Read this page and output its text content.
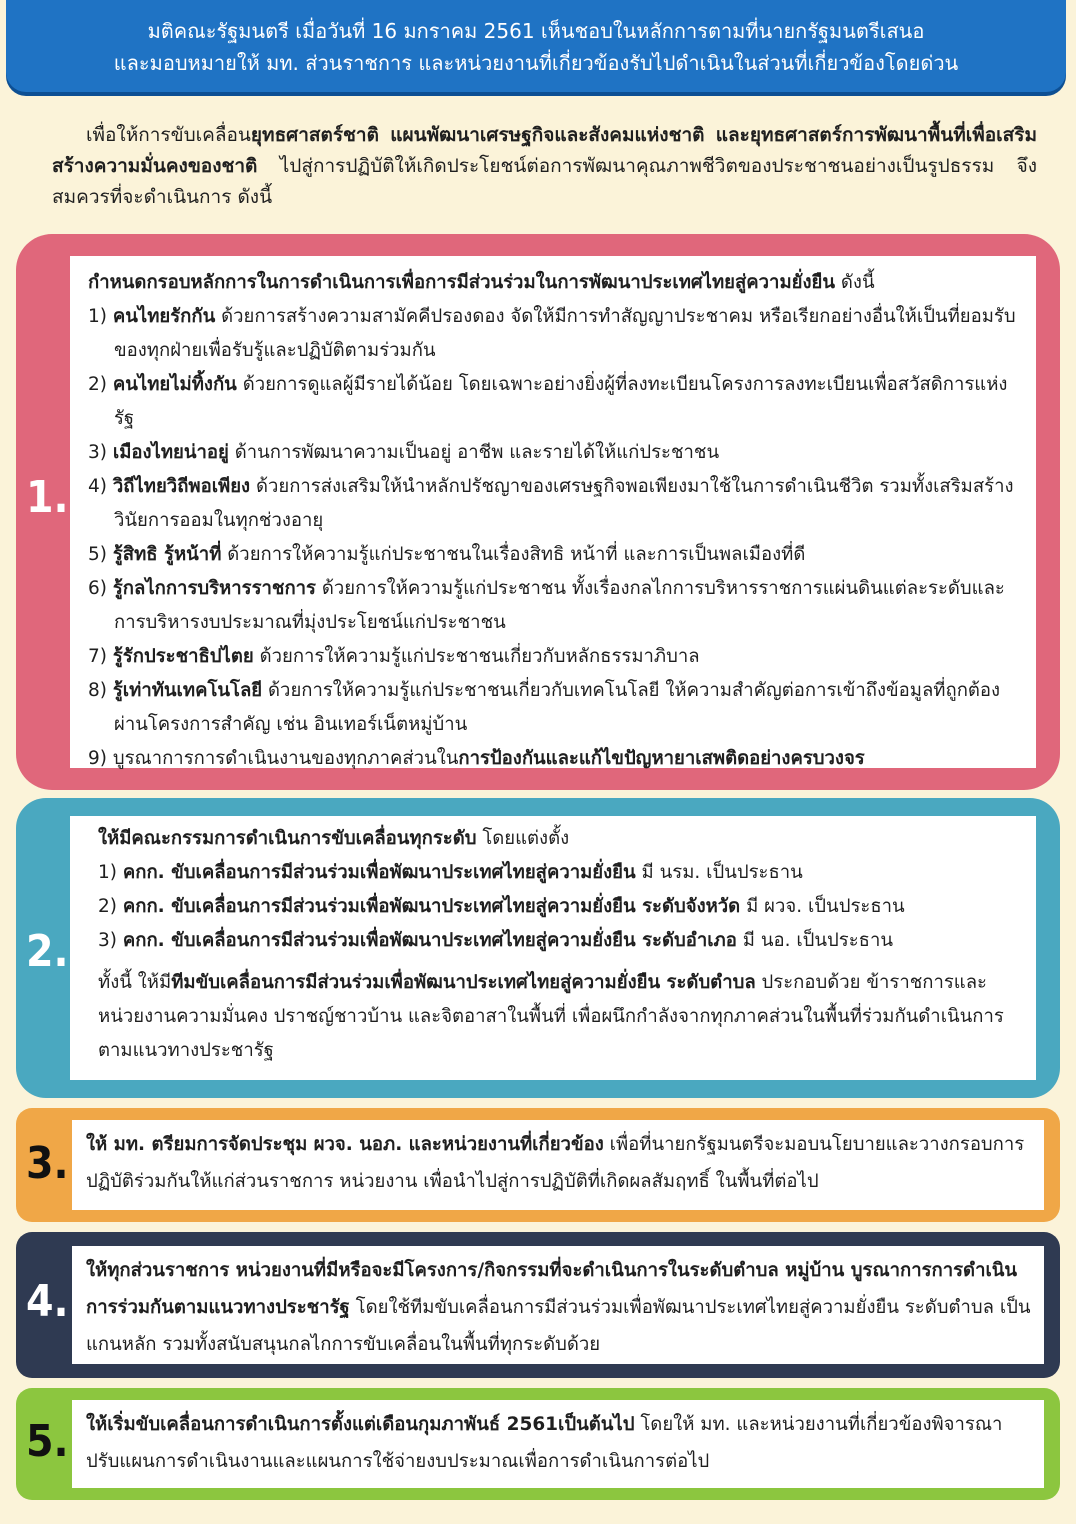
มติคณะรัฐมนตรี เมื่อวันที่ 16 มกราคม 2561 เห็นชอบในหลักการตามที่นายกรัฐมนตรีเสนอ
และมอบหมายให้ มท. ส่วนราชการ และหน่วยงานที่เกี่ยวข้องรับไปดำเนินในส่วนที่เกี่ยวข้องโดยด่วน
เพื่อให้การขับเคลื่อนยุทธศาสตร์ชาติ แผนพัฒนาเศรษฐกิจและสังคมแห่งชาติ และยุทธศาสตร์การพัฒนาพื้นที่เพื่อเสริมสร้างความมั่นคงของชาติ ไปสู่การปฏิบัติให้เกิดประโยชน์ต่อการพัฒนาคุณภาพชีวิตของประชาชนอย่างเป็นรูปธรรม จึงสมควรที่จะดำเนินการ ดังนี้
1.
กำหนดกรอบหลักการในการดำเนินการเพื่อการมีส่วนร่วมในการพัฒนาประเทศไทยสู่ความยั่งยืน ดังนี้
1) คนไทยรักกัน ด้วยการสร้างความสามัคคีปรองดอง จัดให้มีการทำสัญญาประชาคม หรือเรียกอย่างอื่นให้เป็นที่ยอมรับของทุกฝ่ายเพื่อรับรู้และปฏิบัติตามร่วมกัน
2) คนไทยไม่ทิ้งกัน ด้วยการดูแลผู้มีรายได้น้อย โดยเฉพาะอย่างยิ่งผู้ที่ลงทะเบียนโครงการลงทะเบียนเพื่อสวัสดิการแห่งรัฐ
3) เมืองไทยน่าอยู่ ด้านการพัฒนาความเป็นอยู่ อาชีพ และรายได้ให้แก่ประชาชน
4) วิถีไทยวิถีพอเพียง ด้วยการส่งเสริมให้นำหลักปรัชญาของเศรษฐกิจพอเพียงมาใช้ในการดำเนินชีวิต รวมทั้งเสริมสร้างวินัยการออมในทุกช่วงอายุ
5) รู้สิทธิ รู้หน้าที่ ด้วยการให้ความรู้แก่ประชาชนในเรื่องสิทธิ หน้าที่ และการเป็นพลเมืองที่ดี
6) รู้กลไกการบริหารราชการ ด้วยการให้ความรู้แก่ประชาชน ทั้งเรื่องกลไกการบริหารราชการแผ่นดินแต่ละระดับและการบริหารงบประมาณที่มุ่งประโยชน์แก่ประชาชน
7) รู้รักประชาธิปไตย ด้วยการให้ความรู้แก่ประชาชนเกี่ยวกับหลักธรรมาภิบาล
8) รู้เท่าทันเทคโนโลยี ด้วยการให้ความรู้แก่ประชาชนเกี่ยวกับเทคโนโลยี ให้ความสำคัญต่อการเข้าถึงข้อมูลที่ถูกต้องผ่านโครงการสำคัญ เช่น อินเทอร์เน็ตหมู่บ้าน
9) บูรณาการการดำเนินงานของทุกภาคส่วนในการป้องกันและแก้ไขปัญหายาเสพติดอย่างครบวงจร
2.
ให้มีคณะกรรมการดำเนินการขับเคลื่อนทุกระดับ โดยแต่งตั้ง
1) คกก. ขับเคลื่อนการมีส่วนร่วมเพื่อพัฒนาประเทศไทยสู่ความยั่งยืน มี นรม. เป็นประธาน
2) คกก. ขับเคลื่อนการมีส่วนร่วมเพื่อพัฒนาประเทศไทยสู่ความยั่งยืน ระดับจังหวัด มี ผวจ. เป็นประธาน
3) คกก. ขับเคลื่อนการมีส่วนร่วมเพื่อพัฒนาประเทศไทยสู่ความยั่งยืน ระดับอำเภอ มี นอ. เป็นประธาน
ทั้งนี้ ให้มีทีมขับเคลื่อนการมีส่วนร่วมเพื่อพัฒนาประเทศไทยสู่ความยั่งยืน ระดับตำบล ประกอบด้วย ข้าราชการและหน่วยงานความมั่นคง ปราชญ์ชาวบ้าน และจิตอาสาในพื้นที่ เพื่อผนึกกำลังจากทุกภาคส่วนในพื้นที่ร่วมกันดำเนินการตามแนวทางประชารัฐ
3. ให้ มท. ตรียมการจัดประชุม ผวจ. นอภ. และหน่วยงานที่เกี่ยวข้อง เพื่อที่นายกรัฐมนตรีจะมอบนโยบายและวางกรอบการปฏิบัติร่วมกันให้แก่ส่วนราชการ หน่วยงาน เพื่อนำไปสู่การปฏิบัติที่เกิดผลสัมฤทธิ์ ในพื้นที่ต่อไป
4.
ให้ทุกส่วนราชการ หน่วยงานที่มีหรือจะมีโครงการ/กิจกรรมที่จะดำเนินการในระดับตำบล หมู่บ้าน บูรณาการการดำเนินการร่วมกันตามแนวทางประชารัฐ โดยใช้ทีมขับเคลื่อนการมีส่วนร่วมเพื่อพัฒนาประเทศไทยสู่ความยั่งยืน ระดับตำบล เป็นแกนหลัก รวมทั้งสนับสนุนกลไกการขับเคลื่อนในพื้นที่ทุกระดับด้วย
5. ให้เริ่มขับเคลื่อนการดำเนินการตั้งแต่เดือนกุมภาพันธ์ 2561เป็นต้นไป โดยให้ มท. และหน่วยงานที่เกี่ยวข้องพิจารณาปรับแผนการดำเนินงานและแผนการใช้จ่ายงบประมาณเพื่อการดำเนินการต่อไป
